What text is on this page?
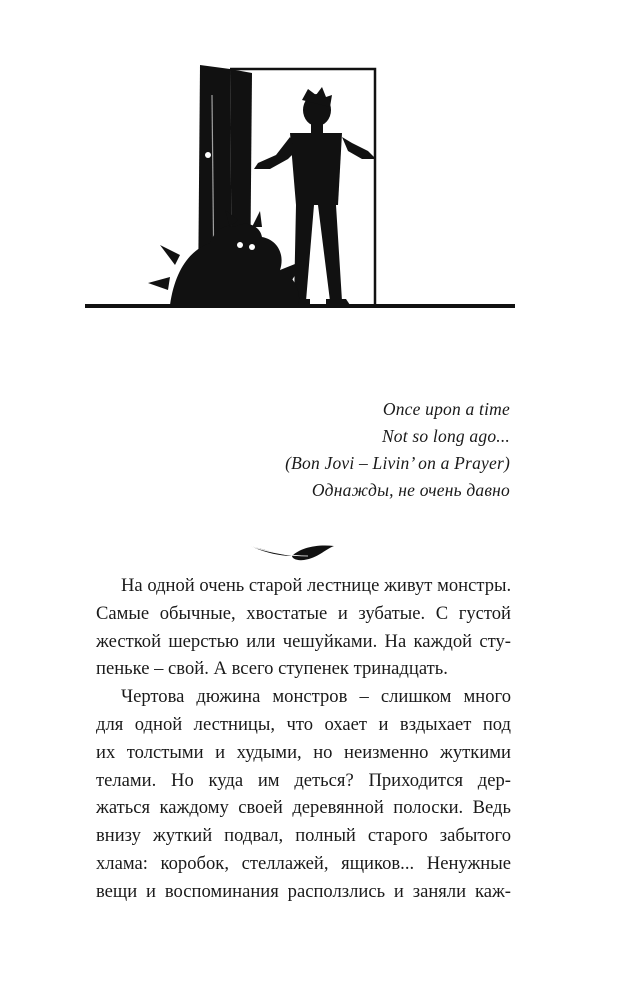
Once upon a time
Not so long ago...
(Bon Jovi – Livin’ on a Prayer)
Однажды, не очень давно
На одной очень старой лестнице живут монстры.
Самые обычные, хвостатые и зубатые. С густой
жесткой шерстью или чешуйками. На каждой сту-
пеньке – свой. А всего ступенек тринадцать.
Чертова дюжина монстров – слишком много
для одной лестницы, что охает и вздыхает под
их толстыми и худыми, но неизменно жуткими
телами. Но куда им деться? Приходится дер-
жаться каждому своей деревянной полоски. Ведь
внизу жуткий подвал, полный старого забытого
хлама: коробок, стеллажей, ящиков... Ненужные
вещи и воспоминания расползлись и заняли каж-
